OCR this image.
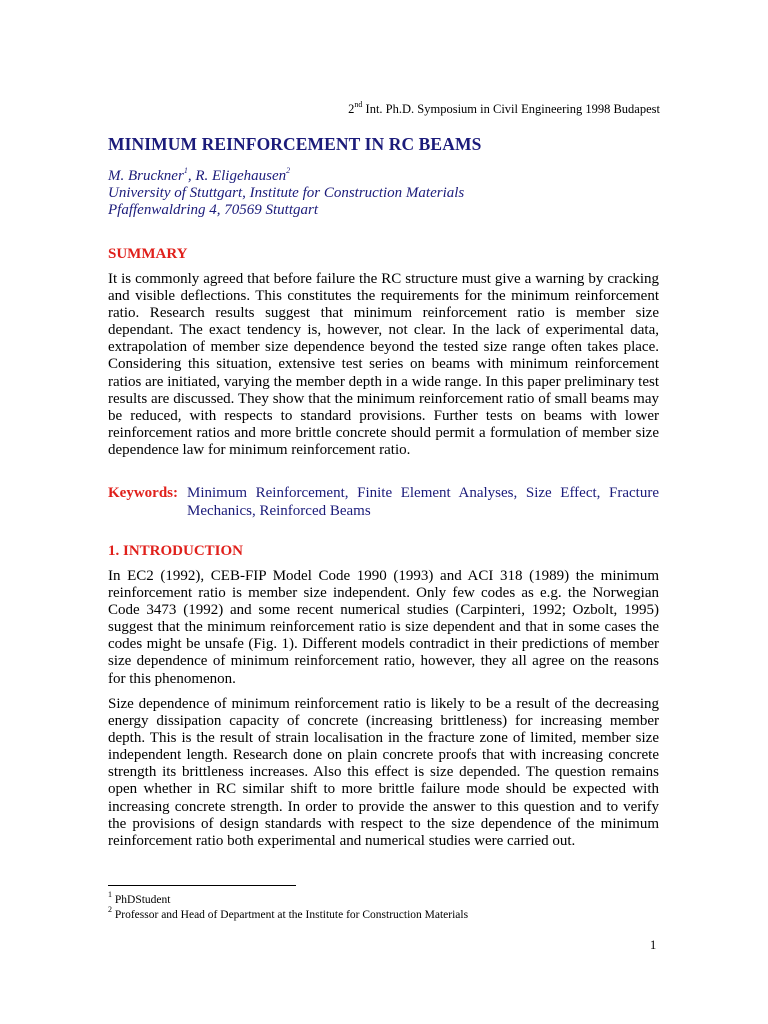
2nd Int. Ph.D. Symposium in Civil Engineering 1998 Budapest
MINIMUM REINFORCEMENT IN RC BEAMS
M. Bruckner$^1$, R. Eligehausen$^2$
University of Stuttgart, Institute for Construction Materials
Pfaffenwaldring 4, 70569 Stuttgart
SUMMARY

It is commonly agreed that before failure the RC structure must give a warning by cracking and visible deflections. This constitutes the requirements for the minimum reinforcement ratio. Research results suggest that minimum reinforcement ratio is member size dependant. The exact tendency is, however, not clear. In the lack of experimental data, extrapolation of member size dependence beyond the tested size range often takes place. Considering this situation, extensive test series on beams with minimum reinforcement ratios are initiated, varying the member depth in a wide range. In this paper preliminary test results are discussed. They show that the minimum reinforcement ratio of small beams may be reduced, with respects to standard provisions. Further tests on beams with lower reinforcement ratios and more brittle concrete should permit a formulation of member size dependence law for minimum reinforcement ratio.

Keywords: Minimum Reinforcement, Finite Element Analyses, Size Effect, Fracture Mechanics, Reinforced Beams
1. INTRODUCTION

In EC2 (1992), CEB-FIP Model Code 1990 (1993) and ACI 318 (1989) the minimum reinforcement ratio is member size independent. Only few codes as e.g. the Norwegian Code 3473 (1992) and some recent numerical studies (Carpinteri, 1992; Ozbolt, 1995) suggest that the minimum reinforcement ratio is size dependent and that in some cases the codes might be unsafe (Fig. 1). Different models contradict in their predictions of member size dependence of minimum reinforcement ratio, however, they all agree on the reasons for this phenomenon.

Size dependence of minimum reinforcement ratio is likely to be a result of the decreasing energy dissipation capacity of concrete (increasing brittleness) for increasing member depth. This is the result of strain localisation in the fracture zone of limited, member size independent length. Research done on plain concrete proofs that with increasing concrete strength its brittleness increases. Also this effect is size depended. The question remains open whether in RC similar shift to more brittle failure mode should be expected with increasing concrete strength. In order to provide the answer to this question and to verify the provisions of design standards with respect to the size dependence of the minimum reinforcement ratio both experimental and numerical studies were carried out.

$^1$ PhDStudent
$^2$ Professor and Head of Department at the Institute for Construction Materials
1
